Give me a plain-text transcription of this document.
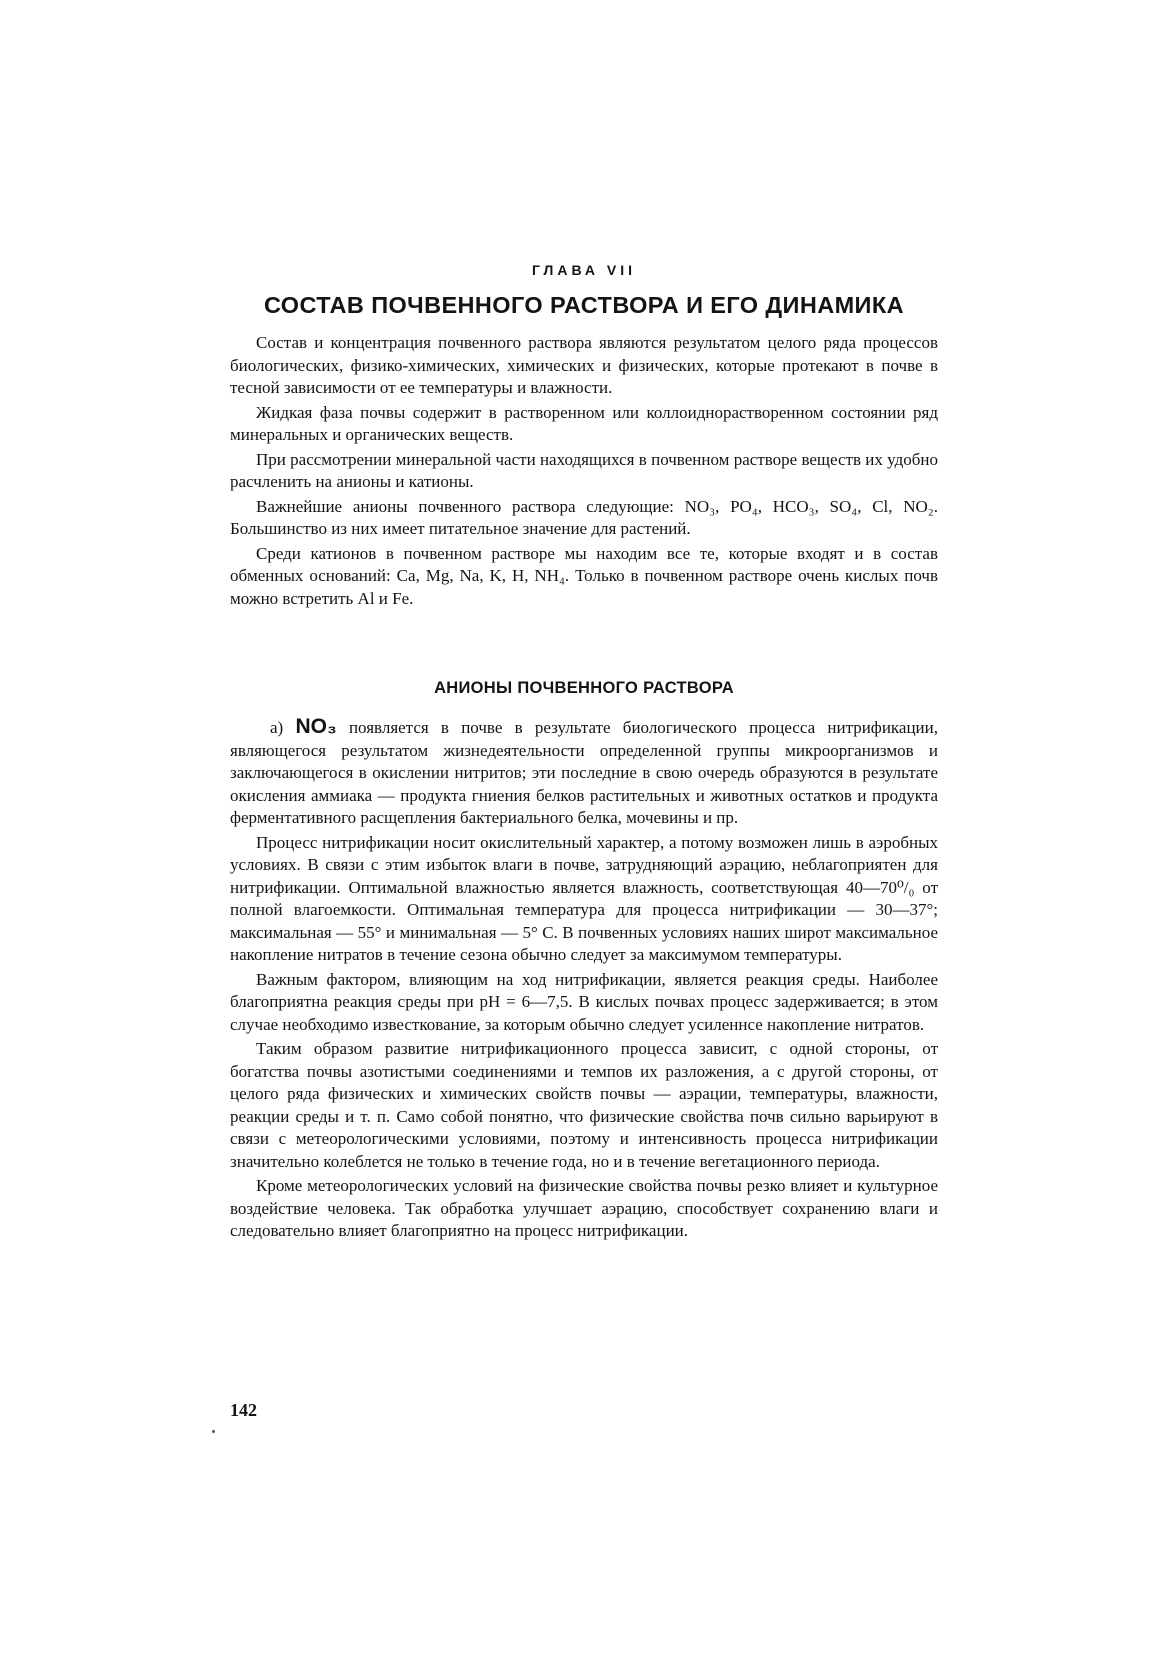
ГЛАВА VII
СОСТАВ ПОЧВЕННОГО РАСТВОРА И ЕГО ДИНАМИКА

Состав и концентрация почвенного раствора являются результатом целого ряда процессов биологических, физико-химических, химических и физических, которые протекают в почве в тесной зависимости от ее температуры и влажности.

Жидкая фаза почвы содержит в растворенном или коллоиднорастворенном состоянии ряд минеральных и органических веществ.

При рассмотрении минеральной части находящихся в почвенном растворе веществ их удобно расчленить на анионы и катионы.

Важнейшие анионы почвенного раствора следующие: NO₃, PO₄, HCO₃, SO₄, Cl, NO₂. Большинство из них имеет питательное значение для растений.

Среди катионов в почвенном растворе мы находим все те, которые входят и в состав обменных оснований: Ca, Mg, Na, K, H, NH₄. Только в почвенном растворе очень кислых почв можно встретить Al и Fe.

АНИОНЫ ПОЧВЕННОГО РАСТВОРА

а) NO₃ появляется в почве в результате биологического процесса нитрификации, являющегося результатом жизнедеятельности определенной группы микроорганизмов и заключающегося в окислении нитритов; эти последние в свою очередь образуются в результате окисления аммиака — продукта гниения белков растительных и животных остатков и продукта ферментативного расщепления бактериального белка, мочевины и пр.

Процесс нитрификации носит окислительный характер, а потому возможен лишь в аэробных условиях. В связи с этим избыток влаги в почве, затрудняющий аэрацию, неблагоприятен для нитрификации. Оптимальной влажностью является влажность, соответствующая 40—70⁰/₀ от полной влагоемкости. Оптимальная температура для процесса нитрификации — 30—37°; максимальная — 55° и минимальная — 5° C. В почвенных условиях наших широт максимальное накопление нитратов в течение сезона обычно следует за максимумом температуры.

Важным фактором, влияющим на ход нитрификации, является реакция среды. Наиболее благоприятна реакция среды при pH = 6—7,5. В кислых почвах процесс задерживается; в этом случае необходимо известкование, за которым обычно следует усиленнсе накопление нитратов.

Таким образом развитие нитрификационного процесса зависит, с одной стороны, от богатства почвы азотистыми соединениями и темпов их разложения, а с другой стороны, от целого ряда физических и химических свойств почвы — аэрации, температуры, влажности, реакции среды и т. п. Само собой понятно, что физические свойства почв сильно варьируют в связи с метеорологическими условиями, поэтому и интенсивность процесса нитрификации значительно колеблется не только в течение года, но и в течение вегетационного периода.

Кроме метеорологических условий на физические свойства почвы резко влияет и культурное воздействие человека. Так обработка улучшает аэрацию, способствует сохранению влаги и следовательно влияет благоприятно на процесс нитрификации.

142
